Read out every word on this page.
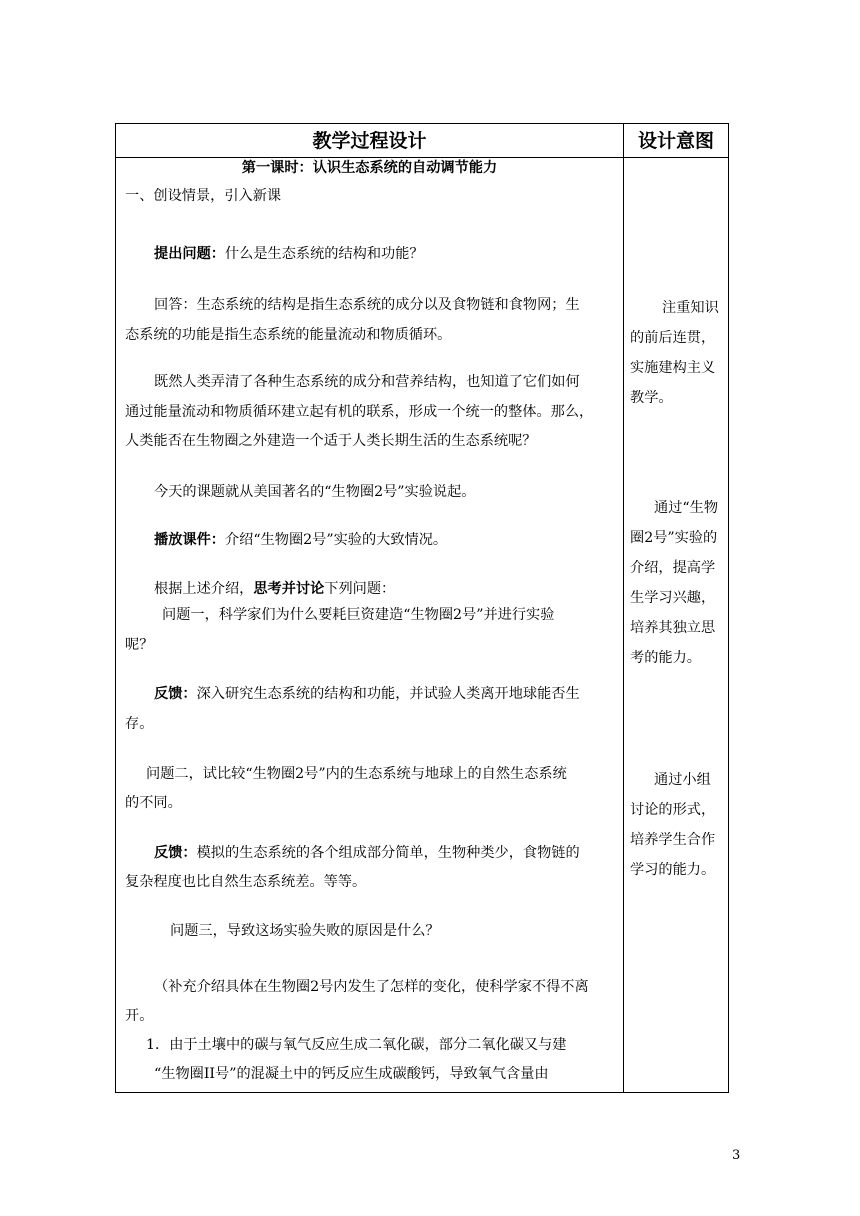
教学过程设计	设计意图
第一课时：认识生态系统的自动调节能力
一、创设情景，引入新课
提出问题：什么是生态系统的结构和功能？
回答：生态系统的结构是指生态系统的成分以及食物链和食物网；生
态系统的功能是指生态系统的能量流动和物质循环。
既然人类弄清了各种生态系统的成分和营养结构，也知道了它们如何
通过能量流动和物质循环建立起有机的联系，形成一个统一的整体。那么，
人类能否在生物圈之外建造一个适于人类长期生活的生态系统呢？
今天的课题就从美国著名的“生物圈2号”实验说起。
播放课件：介绍“生物圈2号”实验的大致情况。
根据上述介绍，思考并讨论下列问题：
问题一，科学家们为什么要耗巨资建造“生物圈2号”并进行实验
呢？
反馈：深入研究生态系统的结构和功能，并试验人类离开地球能否生
存。
问题二，试比较“生物圈2号”内的生态系统与地球上的自然生态系统
的不同。
反馈：模拟的生态系统的各个组成部分简单，生物种类少，食物链的
复杂程度也比自然生态系统差。等等。
问题三，导致这场实验失败的原因是什么？
（补充介绍具体在生物圈2号内发生了怎样的变化，使科学家不得不离
开。
1．由于土壤中的碳与氧气反应生成二氧化碳，部分二氧化碳又与建
“生物圈II号”的混凝土中的钙反应生成碳酸钙，导致氧气含量由
注重知识的前后连贯，实施建构主义教学。
通过“生物圈2号”实验的介绍，提高学生学习兴趣，培养其独立思考的能力。
通过小组讨论的形式，培养学生合作学习的能力。
3
